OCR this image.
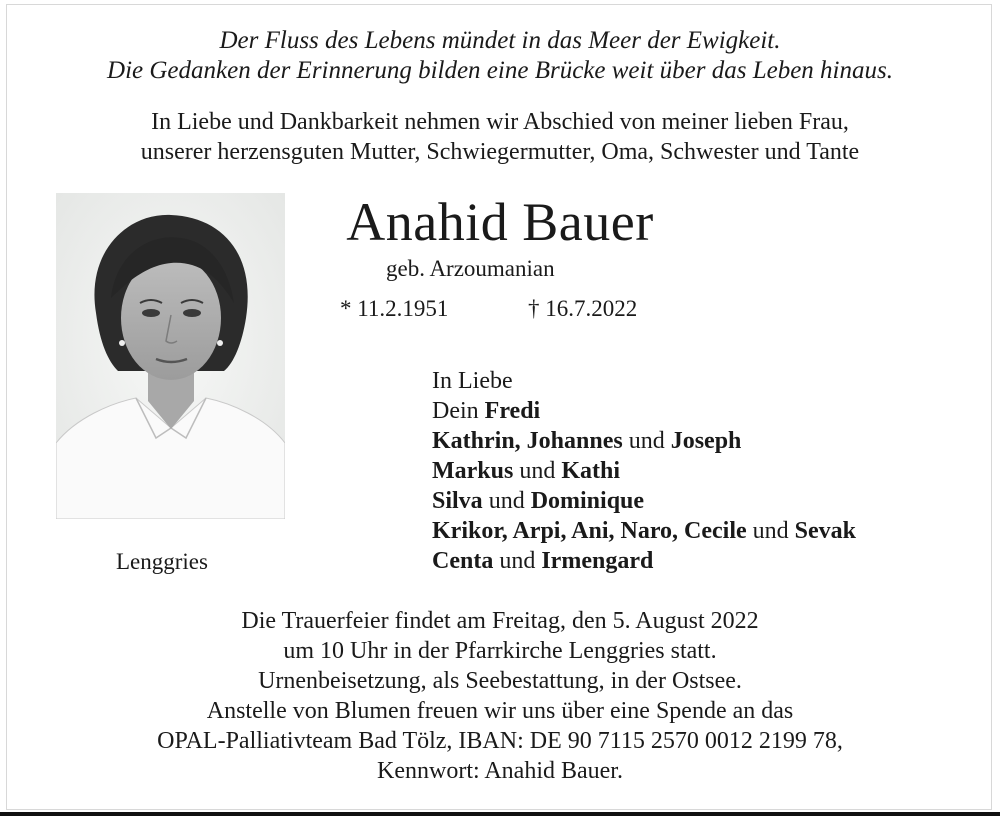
Der Fluss des Lebens mündet in das Meer der Ewigkeit.
Die Gedanken der Erinnerung bilden eine Brücke weit über das Leben hinaus.
In Liebe und Dankbarkeit nehmen wir Abschied von meiner lieben Frau,
unserer herzensguten Mutter, Schwiegermutter, Oma, Schwester und Tante
Anahid Bauer
geb. Arzoumanian
* 11.2.1951	† 16.7.2022
In Liebe
Dein Fredi
Kathrin, Johannes und Joseph
Markus und Kathi
Silva und Dominique
Krikor, Arpi, Ani, Naro, Cecile und Sevak
Centa und Irmengard
Lenggries
Die Trauerfeier findet am Freitag, den 5. August 2022
um 10 Uhr in der Pfarrkirche Lenggries statt.
Urnenbeisetzung, als Seebestattung, in der Ostsee.
Anstelle von Blumen freuen wir uns über eine Spende an das
OPAL-Palliativteam Bad Tölz, IBAN: DE 90 7115 2570 0012 2199 78,
Kennwort: Anahid Bauer.
